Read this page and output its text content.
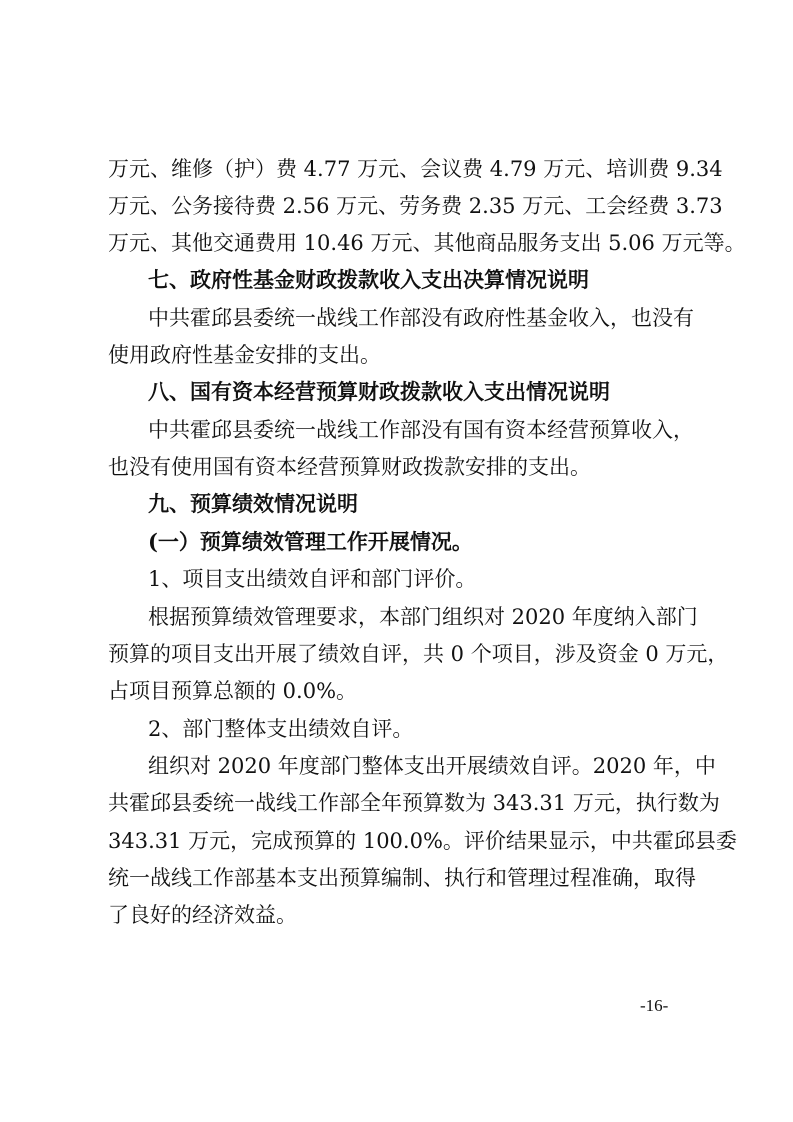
万元、维修（护）费 4.77 万元、会议费 4.79 万元、培训费 9.34
万元、公务接待费 2.56 万元、劳务费 2.35 万元、工会经费 3.73
万元、其他交通费用 10.46 万元、其他商品服务支出 5.06 万元等。
七、政府性基金财政拨款收入支出决算情况说明
中共霍邱县委统一战线工作部没有政府性基金收入，也没有
使用政府性基金安排的支出。
八、国有资本经营预算财政拨款收入支出情况说明
中共霍邱县委统一战线工作部没有国有资本经营预算收入，
也没有使用国有资本经营预算财政拨款安排的支出。
九、预算绩效情况说明
(一）预算绩效管理工作开展情况。
1、项目支出绩效自评和部门评价。
根据预算绩效管理要求，本部门组织对 2020 年度纳入部门
预算的项目支出开展了绩效自评，共 0 个项目，涉及资金 0 万元，
占项目预算总额的 0.0%。
2、部门整体支出绩效自评。
组织对 2020 年度部门整体支出开展绩效自评。2020 年，中
共霍邱县委统一战线工作部全年预算数为 343.31 万元，执行数为
343.31 万元，完成预算的 100.0%。评价结果显示，中共霍邱县委
统一战线工作部基本支出预算编制、执行和管理过程准确，取得
了良好的经济效益。
-16-
